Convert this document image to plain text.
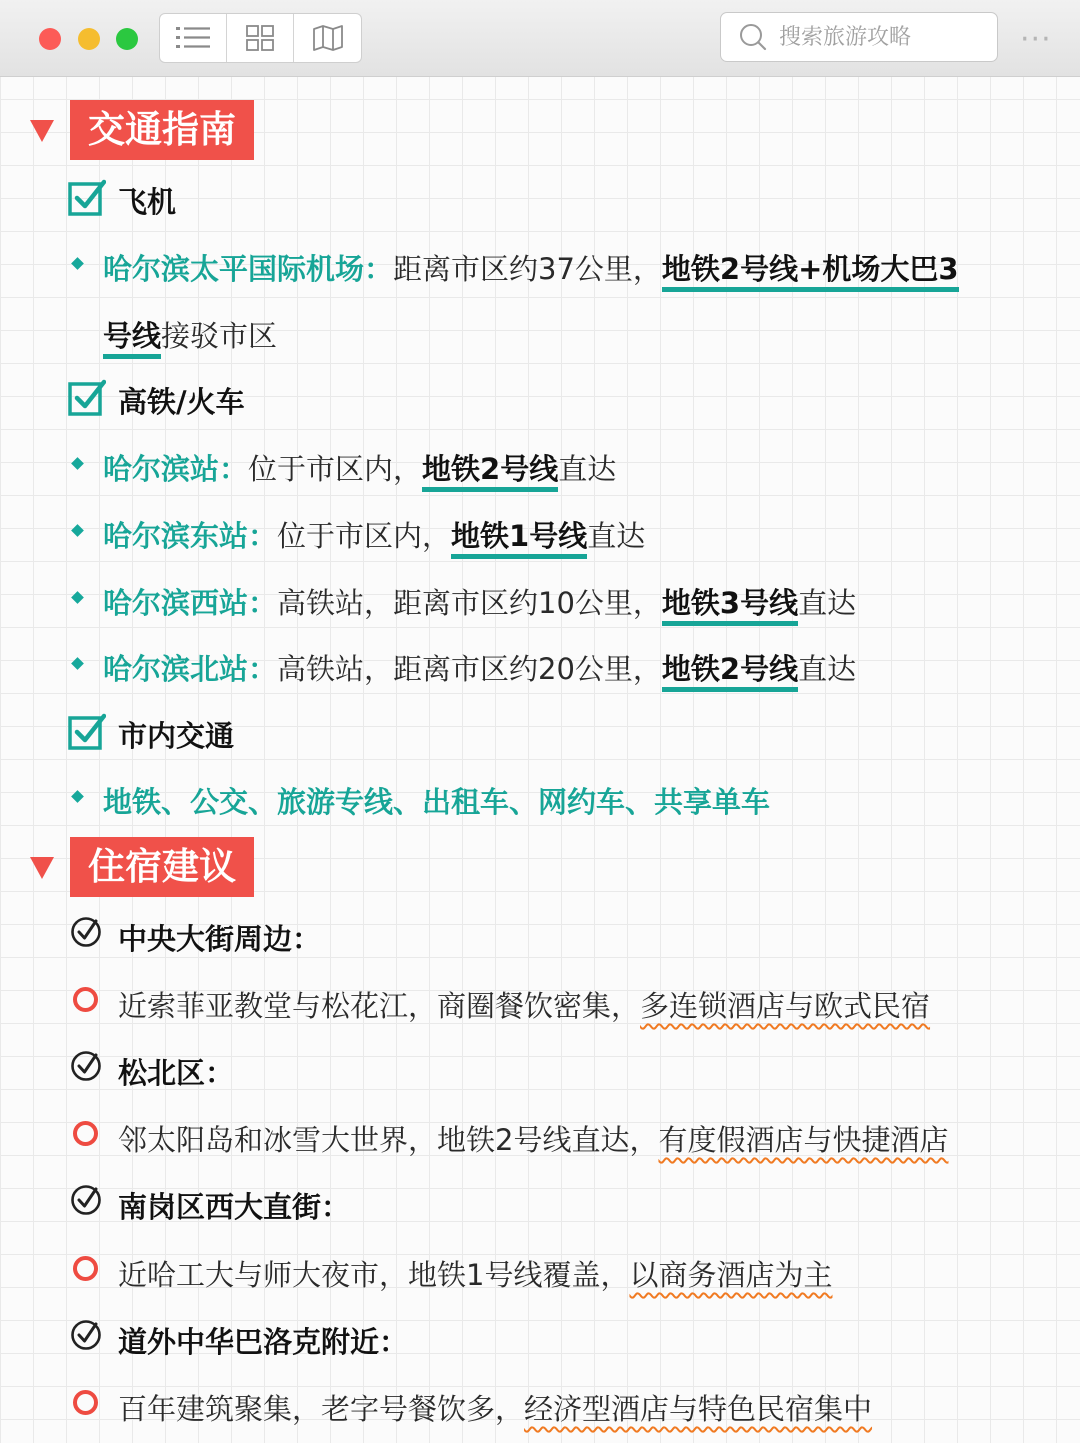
搜索旅游攻略
···
交通指南
飞机
哈尔滨太平国际机场：距离市区约37公里，地铁2号线+机场大巴3
号线接驳市区
高铁/火车
哈尔滨站：位于市区内，地铁2号线直达
哈尔滨东站：位于市区内，地铁1号线直达
哈尔滨西站：高铁站，距离市区约10公里，地铁3号线直达
哈尔滨北站：高铁站，距离市区约20公里，地铁2号线直达
市内交通
地铁、公交、旅游专线、出租车、网约车、共享单车
住宿建议
中央大街周边：
近索菲亚教堂与松花江，商圈餐饮密集，多连锁酒店与欧式民宿
松北区：
邻太阳岛和冰雪大世界，地铁2号线直达，有度假酒店与快捷酒店
南岗区西大直街：
近哈工大与师大夜市，地铁1号线覆盖，以商务酒店为主
道外中华巴洛克附近：
百年建筑聚集，老字号餐饮多，经济型酒店与特色民宿集中
